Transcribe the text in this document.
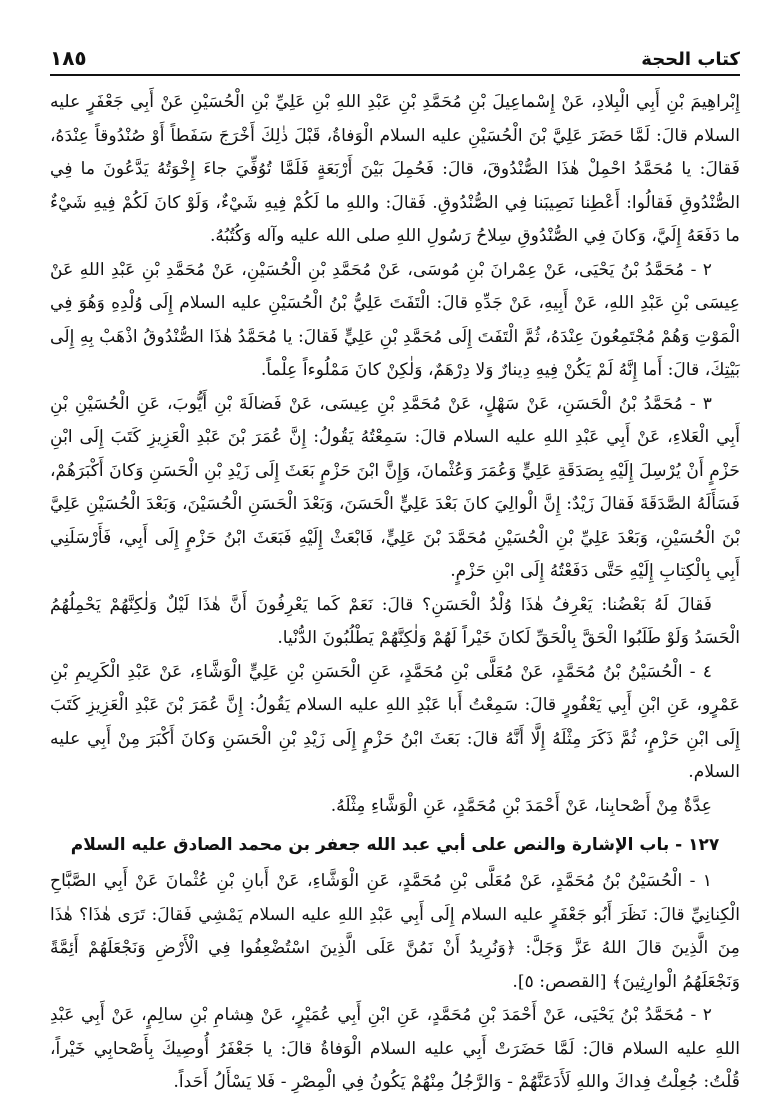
كتاب الحجة
١٨٥

إِبْراهِيمَ بْنِ أَبِي الْبِلادِ، عَنْ إِسْماعِيلَ بْنِ مُحَمَّدِ بْنِ عَبْدِ اللهِ بْنِ عَلِيِّ بْنِ الْحُسَيْنِ عَنْ أَبِي جَعْفَرٍ عليه السلام قالَ: لَمَّا حَضَرَ عَلِيَّ بْنَ الْحُسَيْنِ عليه السلام الْوَفاةُ، قَبْلَ ذٰلِكَ أَخْرَجَ سَفَطاً أَوْ صُنْدُوقاً عِنْدَهُ، فَقالَ: يا مُحَمَّدُ احْمِلْ هٰذَا الصُّنْدُوقَ، قالَ: فَحُمِلَ بَيْنَ أَرْبَعَةٍ فَلَمَّا تُوُفِّيَ جاءَ إِخْوَتُهُ يَدَّعُونَ ما فِي الصُّنْدُوقِ فَقالُوا: أَعْطِنا نَصِيبَنا فِي الصُّنْدُوقِ. فَقالَ: واللهِ ما لَكُمْ فِيهِ شَيْءٌ، وَلَوْ كانَ لَكُمْ فِيهِ شَيْءٌ ما دَفَعَهُ إِلَيَّ، وَكانَ فِي الصُّنْدُوقِ سِلاحُ رَسُولِ اللهِ صلى الله عليه وآله وَكُتُبُهُ.

٢ - مُحَمَّدُ بْنُ يَحْيَى، عَنْ عِمْرانَ بْنِ مُوسَى، عَنْ مُحَمَّدِ بْنِ الْحُسَيْنِ، عَنْ مُحَمَّدِ بْنِ عَبْدِ اللهِ عَنْ عِيسَى بْنِ عَبْدِ اللهِ، عَنْ أَبِيهِ، عَنْ جَدِّهِ قالَ: الْتَفَتَ عَلِيُّ بْنُ الْحُسَيْنِ عليه السلام إِلَى وُلْدِهِ وَهُوَ فِي الْمَوْتِ وَهُمْ مُجْتَمِعُونَ عِنْدَهُ، ثُمَّ الْتَفَتَ إِلَى مُحَمَّدِ بْنِ عَلِيٍّ فَقالَ: يا مُحَمَّدُ هٰذَا الصُّنْدُوقُ اذْهَبْ بِهِ إِلَى بَيْتِكَ، قالَ: أَما إِنَّهُ لَمْ يَكُنْ فِيهِ دِينارٌ وَلا دِرْهَمٌ، وَلٰكِنْ كانَ مَمْلُوءاً عِلْماً.

٣ - مُحَمَّدُ بْنُ الْحَسَنِ، عَنْ سَهْلٍ، عَنْ مُحَمَّدِ بْنِ عِيسَى، عَنْ فَضالَةَ بْنِ أَيُّوبَ، عَنِ الْحُسَيْنِ بْنِ أَبِي الْعَلاءِ، عَنْ أَبِي عَبْدِ اللهِ عليه السلام قالَ: سَمِعْتُهُ يَقُولُ: إِنَّ عُمَرَ بْنَ عَبْدِ الْعَزِيزِ كَتَبَ إِلَى ابْنِ حَزْمٍ أَنْ يُرْسِلَ إِلَيْهِ بِصَدَقَةِ عَلِيٍّ وَعُمَرَ وَعُثْمانَ، وَإِنَّ ابْنَ حَزْمٍ بَعَثَ إِلَى زَيْدِ بْنِ الْحَسَنِ وَكانَ أَكْبَرَهُمْ، فَسَأَلَهُ الصَّدَقَةَ فَقالَ زَيْدٌ: إِنَّ الْوالِيَ كانَ بَعْدَ عَلِيٍّ الْحَسَنَ، وَبَعْدَ الْحَسَنِ الْحُسَيْنَ، وَبَعْدَ الْحُسَيْنِ عَلِيَّ بْنَ الْحُسَيْنِ، وَبَعْدَ عَلِيِّ بْنِ الْحُسَيْنِ مُحَمَّدَ بْنَ عَلِيٍّ، فَابْعَثْ إِلَيْهِ فَبَعَثَ ابْنُ حَزْمٍ إِلَى أَبِي، فَأَرْسَلَنِي أَبِي بِالْكِتابِ إِلَيْهِ حَتَّى دَفَعْتُهُ إِلَى ابْنِ حَزْمٍ.

فَقالَ لَهُ بَعْضُنا: يَعْرِفُ هٰذَا وُلْدُ الْحَسَنِ؟ قالَ: نَعَمْ كَما يَعْرِفُونَ أَنَّ هٰذَا لَيْلٌ وَلٰكِنَّهُمْ يَحْمِلُهُمُ الْحَسَدُ وَلَوْ طَلَبُوا الْحَقَّ بِالْحَقِّ لَكانَ خَيْراً لَهُمْ وَلٰكِنَّهُمْ يَطْلُبُونَ الدُّنْيا.

٤ - الْحُسَيْنُ بْنُ مُحَمَّدٍ، عَنْ مُعَلَّى بْنِ مُحَمَّدٍ، عَنِ الْحَسَنِ بْنِ عَلِيٍّ الْوَشَّاءِ، عَنْ عَبْدِ الْكَرِيمِ بْنِ عَمْرٍو، عَنِ ابْنِ أَبِي يَعْفُورٍ قالَ: سَمِعْتُ أَبا عَبْدِ اللهِ عليه السلام يَقُولُ: إِنَّ عُمَرَ بْنَ عَبْدِ الْعَزِيزِ كَتَبَ إِلَى ابْنِ حَزْمٍ، ثُمَّ ذَكَرَ مِثْلَهُ إِلَّا أَنَّهُ قالَ: بَعَثَ ابْنُ حَزْمٍ إِلَى زَيْدِ بْنِ الْحَسَنِ وَكانَ أَكْبَرَ مِنْ أَبِي عليه السلام.

عِدَّةٌ مِنْ أَصْحابِنا، عَنْ أَحْمَدَ بْنِ مُحَمَّدٍ، عَنِ الْوَشَّاءِ مِثْلَهُ.

١٢٧ - باب الإشارة والنص على أبي عبد الله جعفر بن محمد الصادق عليه السلام

١ - الْحُسَيْنُ بْنُ مُحَمَّدٍ، عَنْ مُعَلَّى بْنِ مُحَمَّدٍ، عَنِ الْوَشَّاءِ، عَنْ أَبانِ بْنِ عُثْمانَ عَنْ أَبِي الصَّبَّاحِ الْكِنانِيِّ قالَ: نَظَرَ أَبُو جَعْفَرٍ عليه السلام إِلَى أَبِي عَبْدِ اللهِ عليه السلام يَمْشِي فَقالَ: تَرَى هٰذَا؟ هٰذَا مِنَ الَّذِينَ قالَ اللهُ عَزَّ وَجَلَّ: ﴿وَنُرِيدُ أَنْ نَمُنَّ عَلَى الَّذِينَ اسْتُضْعِفُوا فِي الْأَرْضِ وَنَجْعَلَهُمْ أَئِمَّةً وَنَجْعَلَهُمُ الْوارِثِينَ﴾ [القصص: ٥].

٢ - مُحَمَّدُ بْنُ يَحْيَى، عَنْ أَحْمَدَ بْنِ مُحَمَّدٍ، عَنِ ابْنِ أَبِي عُمَيْرٍ، عَنْ هِشامِ بْنِ سالِمٍ، عَنْ أَبِي عَبْدِ اللهِ عليه السلام قالَ: لَمَّا حَضَرَتْ أَبِي عليه السلام الْوَفاةُ قالَ: يا جَعْفَرُ أُوصِيكَ بِأَصْحابِي خَيْراً، قُلْتُ: جُعِلْتُ فِداكَ واللهِ لَأَدَعَنَّهُمْ - وَالرَّجُلُ مِنْهُمْ يَكُونُ فِي الْمِصْرِ - فَلا يَسْأَلُ أَحَداً.
